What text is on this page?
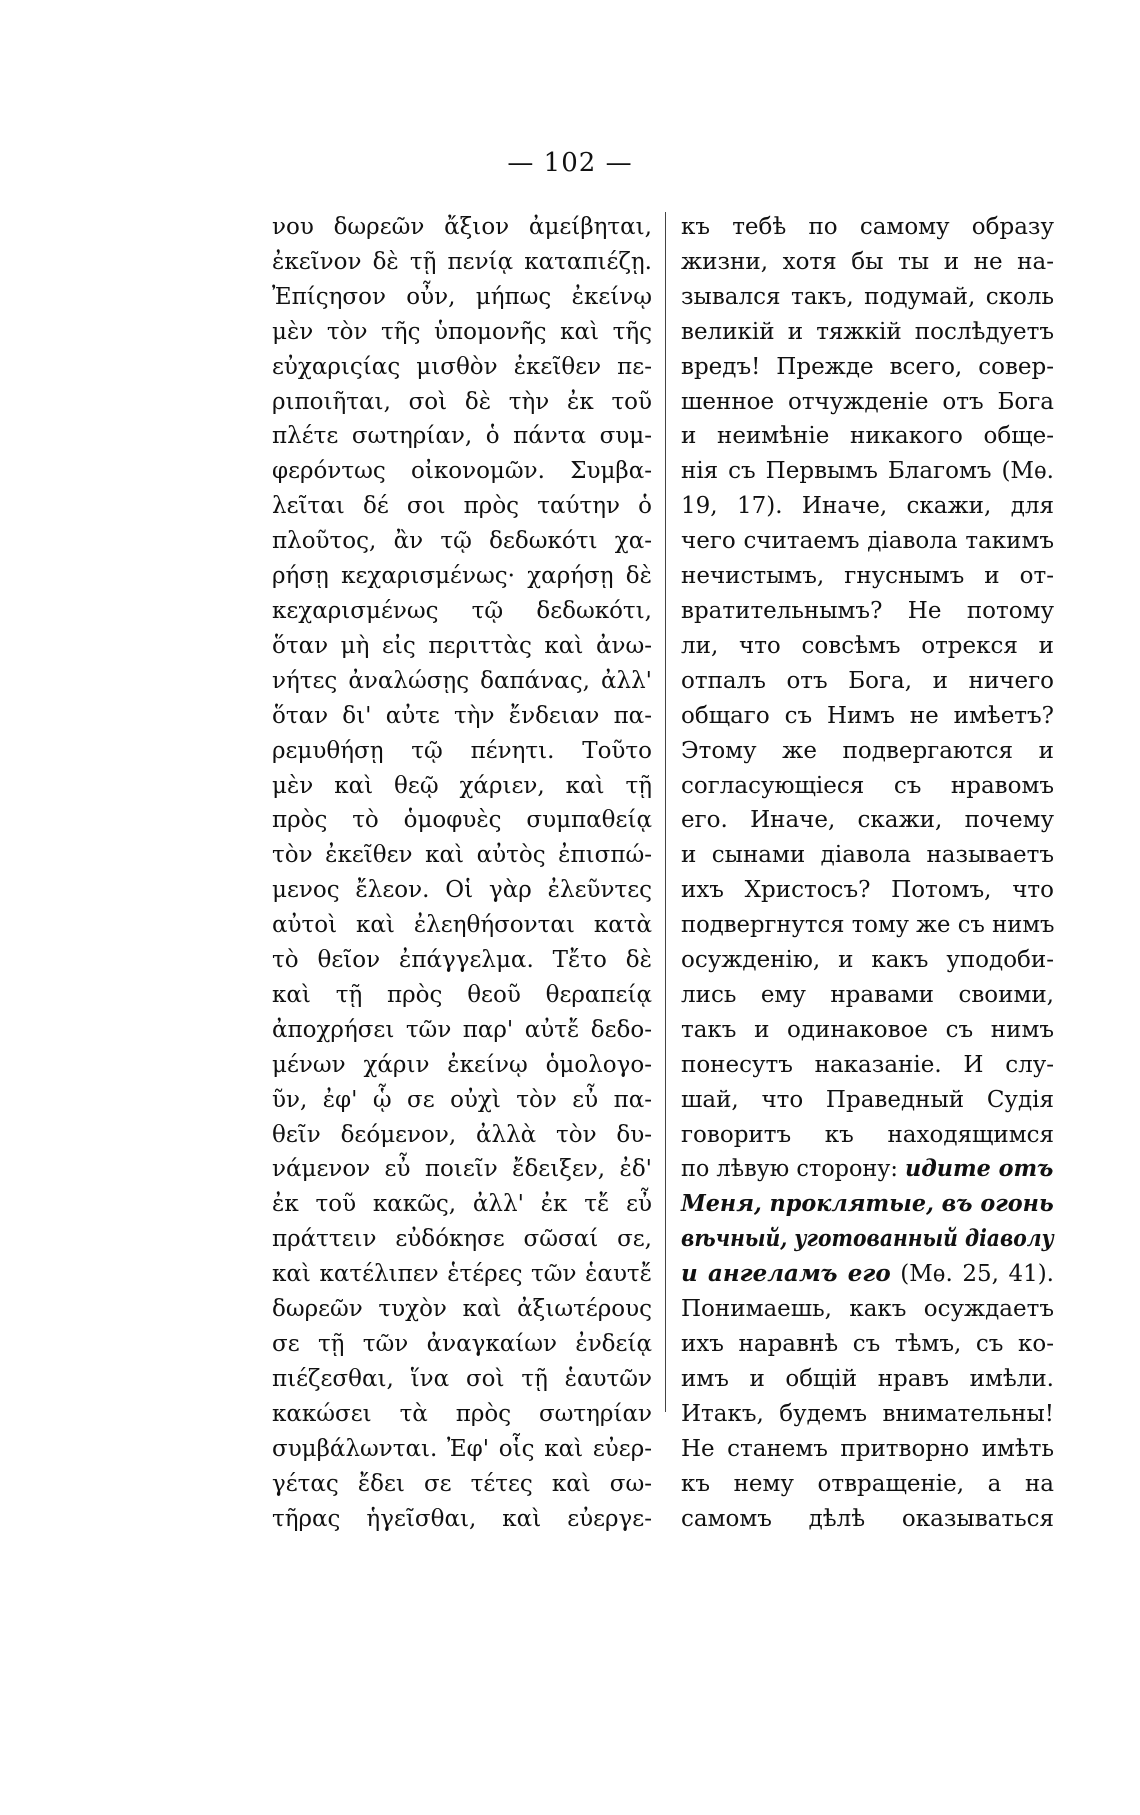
— 102 —
νου δωρεῶν ἄξιον ἀμείβηται,
ἐκεῖνον δὲ τῇ πενίᾳ καταπιέζῃ.
Ἐπίςησον οὖν, μήπως ἐκείνῳ
μὲν τὸν τῆς ὑπομονῆς καὶ τῆς
εὐχαριςίας μισθὸν ἐκεῖθεν πε-
ριποιῆται, σοὶ δὲ τὴν ἐκ τοῦ
πλέτε σωτηρίαν, ὁ πάντα συμ-
φερόντως οἰκονομῶν. Συμβα-
λεῖται δέ σοι πρὸς ταύτην ὁ
πλοῦτος, ἂν τῷ δεδωκότι χα-
ρήσῃ κεχαρισμένως· χαρήσῃ δὲ
κεχαρισμένως τῷ δεδωκότι,
ὅταν μὴ εἰς περιττὰς καὶ ἀνω-
νήτες ἀναλώσῃς δαπάνας, ἀλλ'
ὅταν δι' αὐτε τὴν ἔνδειαν πα-
ρεμυθήσῃ τῷ πένητι. Τοῦτο
μὲν καὶ θεῷ χάριεν, καὶ τῇ
πρὸς τὸ ὁμοφυὲς συμπαθείᾳ
τὸν ἐκεῖθεν καὶ αὐτὸς ἐπισπώ-
μενος ἔλεον. Οἱ γὰρ ἐλεῦντες
αὐτοὶ καὶ ἐλεηθήσονται κατὰ
τὸ θεῖον ἐπάγγελμα. Τἔτο δὲ
καὶ τῇ πρὸς θεοῦ θεραπείᾳ
ἀποχρήσει τῶν παρ' αὐτἔ δεδο-
μένων χάριν ἐκείνῳ ὁμολογο-
ῦν, ἐφ' ᾧ σε οὐχὶ τὸν εὖ πα-
θεῖν δεόμενον, ἀλλὰ τὸν δυ-
νάμενον εὖ ποιεῖν ἔδειξεν, ἐδ'
ἐκ τοῦ κακῶς, ἀλλ' ἐκ τἔ εὖ
πράττειν εὐδόκησε σῶσαί σε,
καὶ κατέλιπεν ἑτέρες τῶν ἑαυτἔ
δωρεῶν τυχὸν καὶ ἀξιωτέρους
σε τῇ τῶν ἀναγκαίων ἐνδείᾳ
πιέζεσθαι, ἵνα σοὶ τῇ ἑαυτῶν
κακώσει τὰ πρὸς σωτηρίαν
συμβάλωνται. Ἐφ' οἷς καὶ εὐερ-
γέτας ἔδει σε τέτες καὶ σω-
τῆρας ἡγεῖσθαι, καὶ εὐεργε-
къ тебѣ по самому образу
жизни, хотя бы ты и не на-
зывался такъ, подумай, сколь
великій и тяжкій послѣдуетъ
вредъ! Прежде всего, совер-
шенное отчужденіе отъ Бога
и неимѣніе никакого обще-
нія съ Первымъ Благомъ (Мѳ.
19, 17). Иначе, скажи, для
чего считаемъ діавола такимъ
нечистымъ, гнуснымъ и от-
вратительнымъ? Не потому
ли, что совсѣмъ отрекся и
отпалъ отъ Бога, и ничего
общаго съ Нимъ не имѣетъ?
Этому же подвергаются и
согласующіеся съ нравомъ
его. Иначе, скажи, почему
и сынами діавола называетъ
ихъ Христосъ? Потомъ, что
подвергнутся тому же съ нимъ
осужденію, и какъ уподоби-
лись ему нравами своими,
такъ и одинаковое съ нимъ
понесутъ наказаніе. И слу-
шай, что Праведный Судія
говоритъ къ находящимся
по лѣвую сторону: идите отъ
Меня, проклятые, въ огонь
вѣчный, уготованный діаволу
и ангеламъ его (Мѳ. 25, 41).
Понимаешь, какъ осуждаетъ
ихъ наравнѣ съ тѣмъ, съ ко-
имъ и общій нравъ имѣли.
Итакъ, будемъ внимательны!
Не станемъ притворно имѣть
къ нему отвращеніе, а на
самомъ дѣлѣ оказываться
